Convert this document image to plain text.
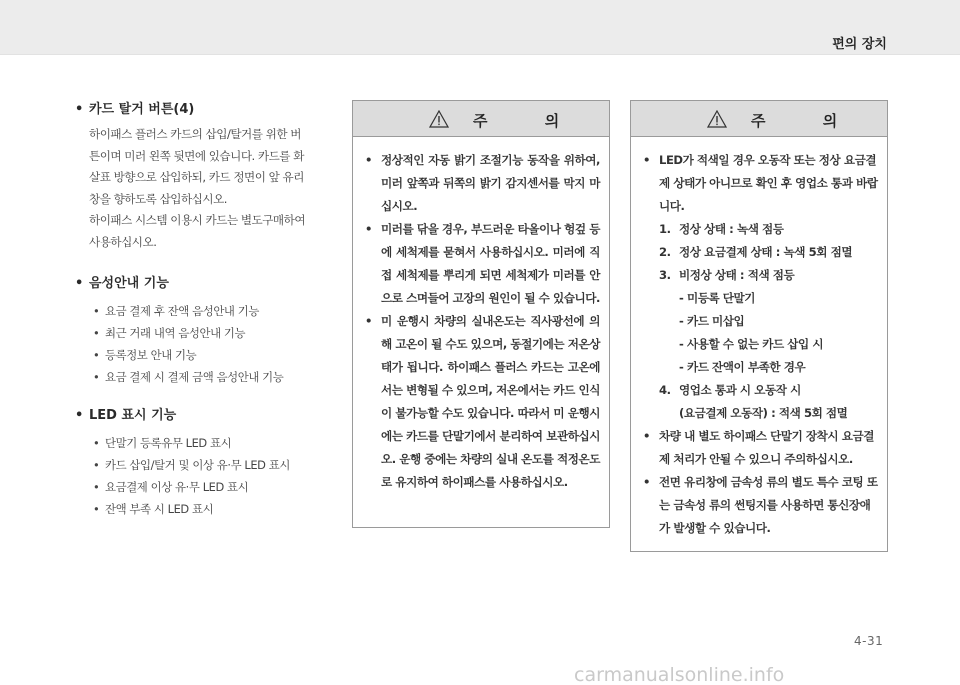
편의 장치
• 카드 탈거 버튼(4)

하이패스 플러스 카드의 삽입/탈거를 위한 버

튼이며 미러 왼쪽 뒷면에 있습니다. 카드를 화

살표 방향으로 삽입하되, 카드 정면이 앞 유리

창을 향하도록 삽입하십시오.

하이패스 시스템 이용시 카드는 별도구매하여

사용하십시오.

• 음성안내 기능
• 요금 결제 후 잔액 음성안내 기능
• 최근 거래 내역 음성안내 기능
• 등록정보 안내 기능
• 요금 결제 시 결제 금액 음성안내 기능
• LED 표시 기능
• 단말기 등록유무 LED 표시
• 카드 삽입/탈거 및 이상 유·무 LED 표시
• 요금결제 이상 유·무 LED 표시
• 잔액 부족 시 LED 표시
주 의
• 정상적인 자동 밝기 조절기능 동작을 위하여, 미러 앞쪽과 뒤쪽의 밝기 감지센서를 막지 마십시오.
• 미러를 닦을 경우, 부드러운 타올이나 헝겊 등에 세척제를 묻혀서 사용하십시오. 미러에 직접 세척제를 뿌리게 되면 세척제가 미러틀 안으로 스며들어 고장의 원인이 될 수 있습니다.
• 미 운행시 차량의 실내온도는 직사광선에 의해 고온이 될 수도 있으며, 동절기에는 저온상태가 됩니다. 하이패스 플러스 카드는 고온에서는 변형될 수 있으며, 저온에서는 카드 인식이 불가능할 수도 있습니다. 따라서 미 운행시에는 카드를 단말기에서 분리하여 보관하십시오. 운행 중에는 차량의 실내 온도를 적정온도로 유지하여 하이패스를 사용하십시오.
주 의
• LED가 적색일 경우 오동작 또는 정상 요금결제 상태가 아니므로 확인 후 영업소 통과 바랍니다.
1. 정상 상태 : 녹색 점등
2. 정상 요금결제 상태 : 녹색 5회 점멸
3. 비정상 상태 : 적색 점등
- 미등록 단말기
- 카드 미삽입
- 사용할 수 없는 카드 삽입 시
- 카드 잔액이 부족한 경우
4. 영업소 통과 시 오동작 시
(요금결제 오동작) : 적색 5회 점멸
• 차량 내 별도 하이패스 단말기 장착시 요금결제 처리가 안될 수 있으니 주의하십시오.
• 전면 유리창에 금속성 류의 별도 특수 코팅 또는 금속성 류의 썬팅지를 사용하면 통신장애가 발생할 수 있습니다.
4-31
carmanualsonline.info
